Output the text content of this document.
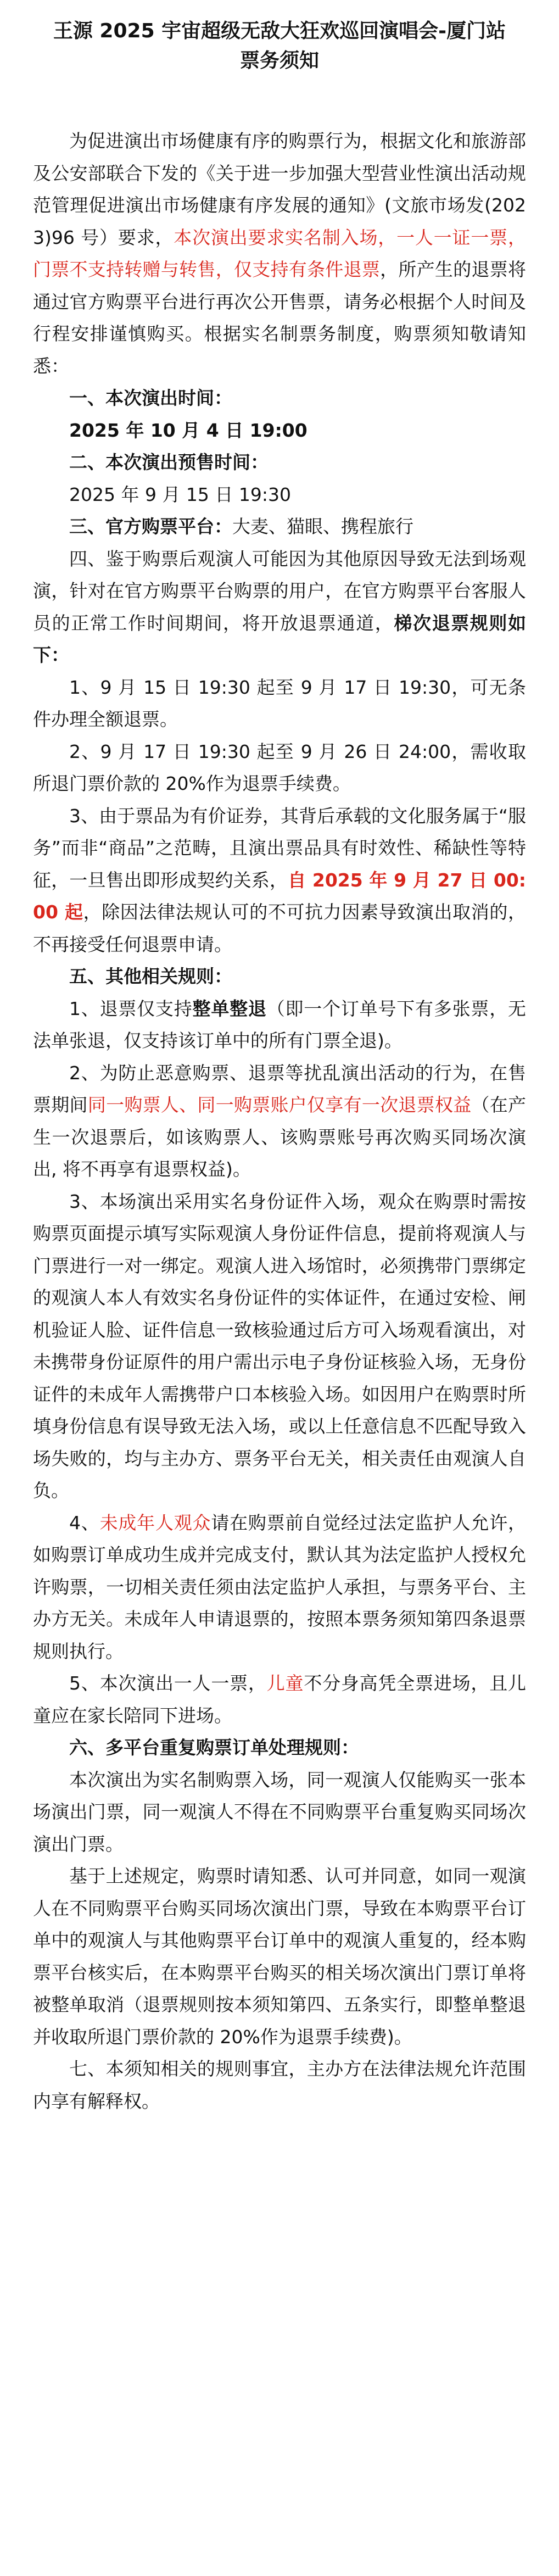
王源 2025 宇宙超级无敌大狂欢巡回演唱会-厦门站

票务须知

为促进演出市场健康有序的购票行为，根据文化和旅游部及公安部联合下发的《关于进一步加强大型营业性演出活动规范管理促进演出市场健康有序发展的通知》(文旅市场发(2023)96 号）要求，本次演出要求实名制入场，一人一证一票，门票不支持转赠与转售，仅支持有条件退票，所产生的退票将通过官方购票平台进行再次公开售票，请务必根据个人时间及行程安排谨慎购买。根据实名制票务制度，购票须知敬请知悉：

一、本次演出时间：

2025 年 10 月 4 日 19:00

二、本次演出预售时间：

2025 年 9 月 15 日 19:30

三、官方购票平台：大麦、猫眼、携程旅行

四、鉴于购票后观演人可能因为其他原因导致无法到场观演，针对在官方购票平台购票的用户，在官方购票平台客服人员的正常工作时间期间，将开放退票通道，梯次退票规则如下：

1、9 月 15 日 19:30 起至 9 月 17 日 19:30，可无条件办理全额退票。

2、9 月 17 日 19:30 起至 9 月 26 日 24:00，需收取所退门票价款的 20%作为退票手续费。

3、由于票品为有价证券，其背后承载的文化服务属于“服务”而非“商品”之范畴，且演出票品具有时效性、稀缺性等特征，一旦售出即形成契约关系，自 2025 年 9 月 27 日 00:00 起，除因法律法规认可的不可抗力因素导致演出取消的，不再接受任何退票申请。

五、其他相关规则：

1、退票仅支持整单整退（即一个订单号下有多张票，无法单张退，仅支持该订单中的所有门票全退)。

2、为防止恶意购票、退票等扰乱演出活动的行为，在售票期间同一购票人、同一购票账户仅享有一次退票权益（在产生一次退票后，如该购票人、该购票账号再次购买同场次演出, 将不再享有退票权益)。

3、本场演出采用实名身份证件入场，观众在购票时需按购票页面提示填写实际观演人身份证件信息，提前将观演人与门票进行一对一绑定。观演人进入场馆时，必须携带门票绑定的观演人本人有效实名身份证件的实体证件，在通过安检、闸机验证人脸、证件信息一致核验通过后方可入场观看演出，对未携带身份证原件的用户需出示电子身份证核验入场，无身份证件的未成年人需携带户口本核验入场。如因用户在购票时所填身份信息有误导致无法入场，或以上任意信息不匹配导致入场失败的，均与主办方、票务平台无关，相关责任由观演人自负。

4、未成年人观众请在购票前自觉经过法定监护人允许，如购票订单成功生成并完成支付，默认其为法定监护人授权允许购票，一切相关责任须由法定监护人承担，与票务平台、主办方无关。未成年人申请退票的，按照本票务须知第四条退票规则执行。

5、本次演出一人一票，儿童不分身高凭全票进场，且儿童应在家长陪同下进场。

六、多平台重复购票订单处理规则：

本次演出为实名制购票入场，同一观演人仅能购买一张本场演出门票，同一观演人不得在不同购票平台重复购买同场次演出门票。

基于上述规定，购票时请知悉、认可并同意，如同一观演人在不同购票平台购买同场次演出门票，导致在本购票平台订单中的观演人与其他购票平台订单中的观演人重复的，经本购票平台核实后，在本购票平台购买的相关场次演出门票订单将被整单取消（退票规则按本须知第四、五条实行，即整单整退并收取所退门票价款的 20%作为退票手续费)。

七、本须知相关的规则事宜，主办方在法律法规允许范围内享有解释权。
